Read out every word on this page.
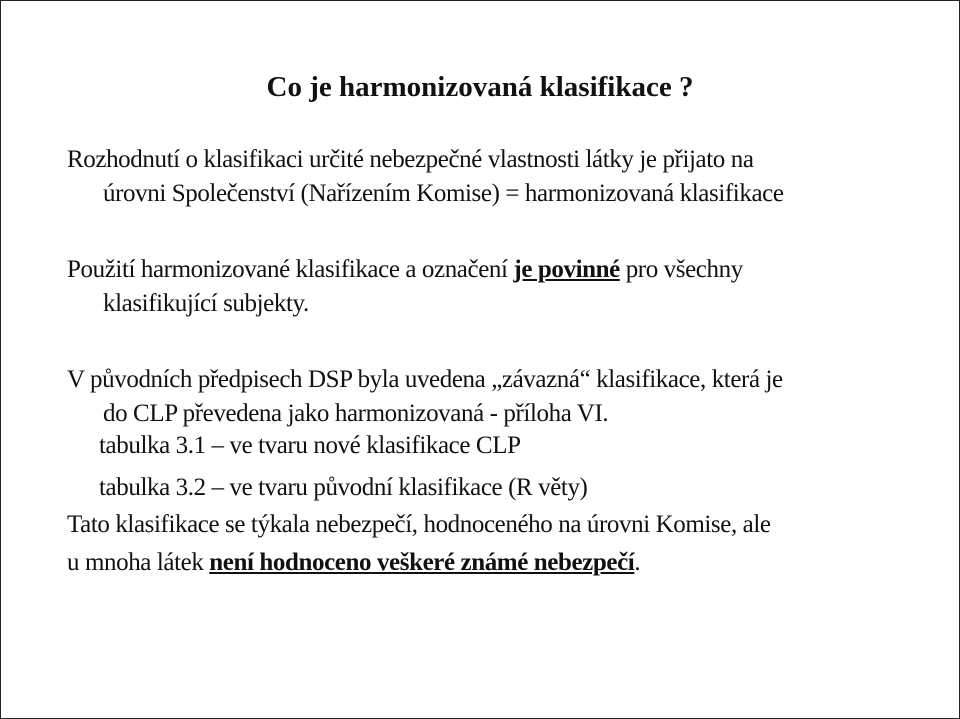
Co je harmonizovaná klasifikace ?
Rozhodnutí o klasifikaci určité nebezpečné vlastnosti látky je přijato na
úrovni Společenství (Nařízením Komise) = harmonizovaná klasifikace
Použití harmonizované klasifikace a označení je povinné pro všechny
klasifikující subjekty.
V původních předpisech DSP byla uvedena „závazná“ klasifikace, která je
do CLP převedena jako harmonizovaná - příloha VI.
tabulka 3.1 – ve tvaru nové klasifikace CLP
tabulka 3.2 – ve tvaru původní klasifikace (R věty)
Tato klasifikace se týkala nebezpečí, hodnoceného na úrovni Komise, ale
u mnoha látek není hodnoceno veškeré známé nebezpečí.
